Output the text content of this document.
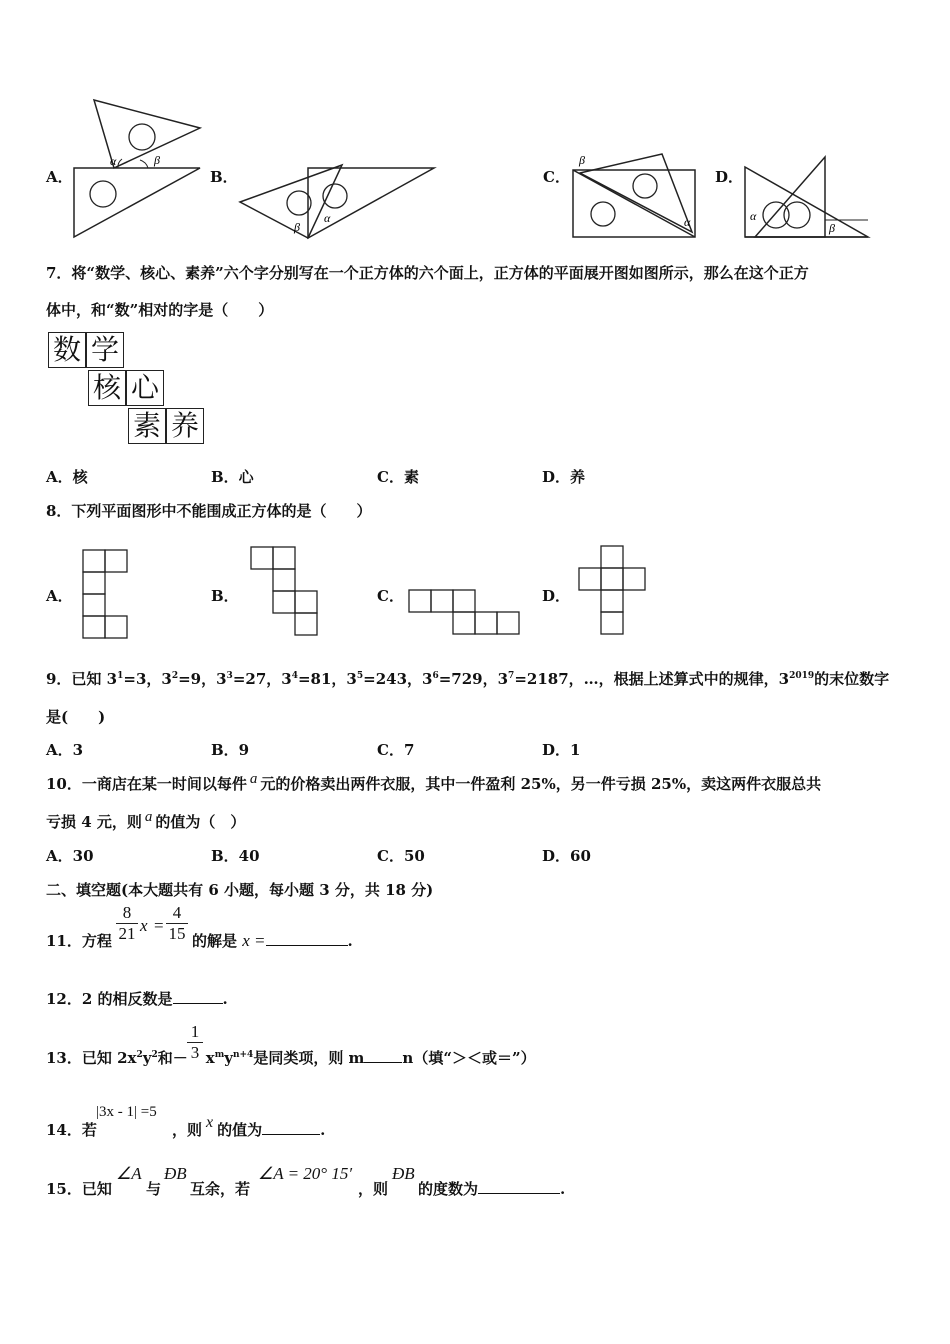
A．
α	β
B．
β
α
C．
β
α
D．
α
β
7．将“数学、核心、素养”六个字分别写在一个正方体的六个面上，正方体的平面展开图如图所示，那么在这个正方
体中，和“数”相对的字是（　　）
数 学
核 心
素 养
A．核	B．心	C．素	D．养
8．下列平面图形中不能围成正方体的是（　　）
A．	B．	C．	D．
9．已知 $3^1=3$，$3^2=9$，$3^3=27$，$3^4=81$，$3^5=243$，$3^6=729$，$3^7=2187$，…，根据上述算式中的规律，$3^{2019}$的末位数字
是(　　)
A．3	B．9	C．7	D．1
10．一商店在某一时间以每件 a 元的价格卖出两件衣服，其中一件盈利 25%，另一件亏损 25%，卖这两件衣服总共
亏损 4 元，则 a 的值为（　）
A．30	B．40	C．50	D．60
二、填空题(本大题共有 6 小题，每小题 3 分，共 18 分)
11．方程 $\frac{8}{21}$ $x = \frac{4}{15}$ 的解是 x =	.
12．2 的相反数是	.
13．已知 $2x^2y^2$和－ $x^my^{n+4}$是同类项，则 m	n（填“＞＜或＝”）
$\frac{1}{3}$
14．若
|3x - 1| =5
，则 x 的值为	.
15．已知
∠A
与
ÐB
互余，若
∠A = 20° 15′
，则
ÐB
的度数为	.
